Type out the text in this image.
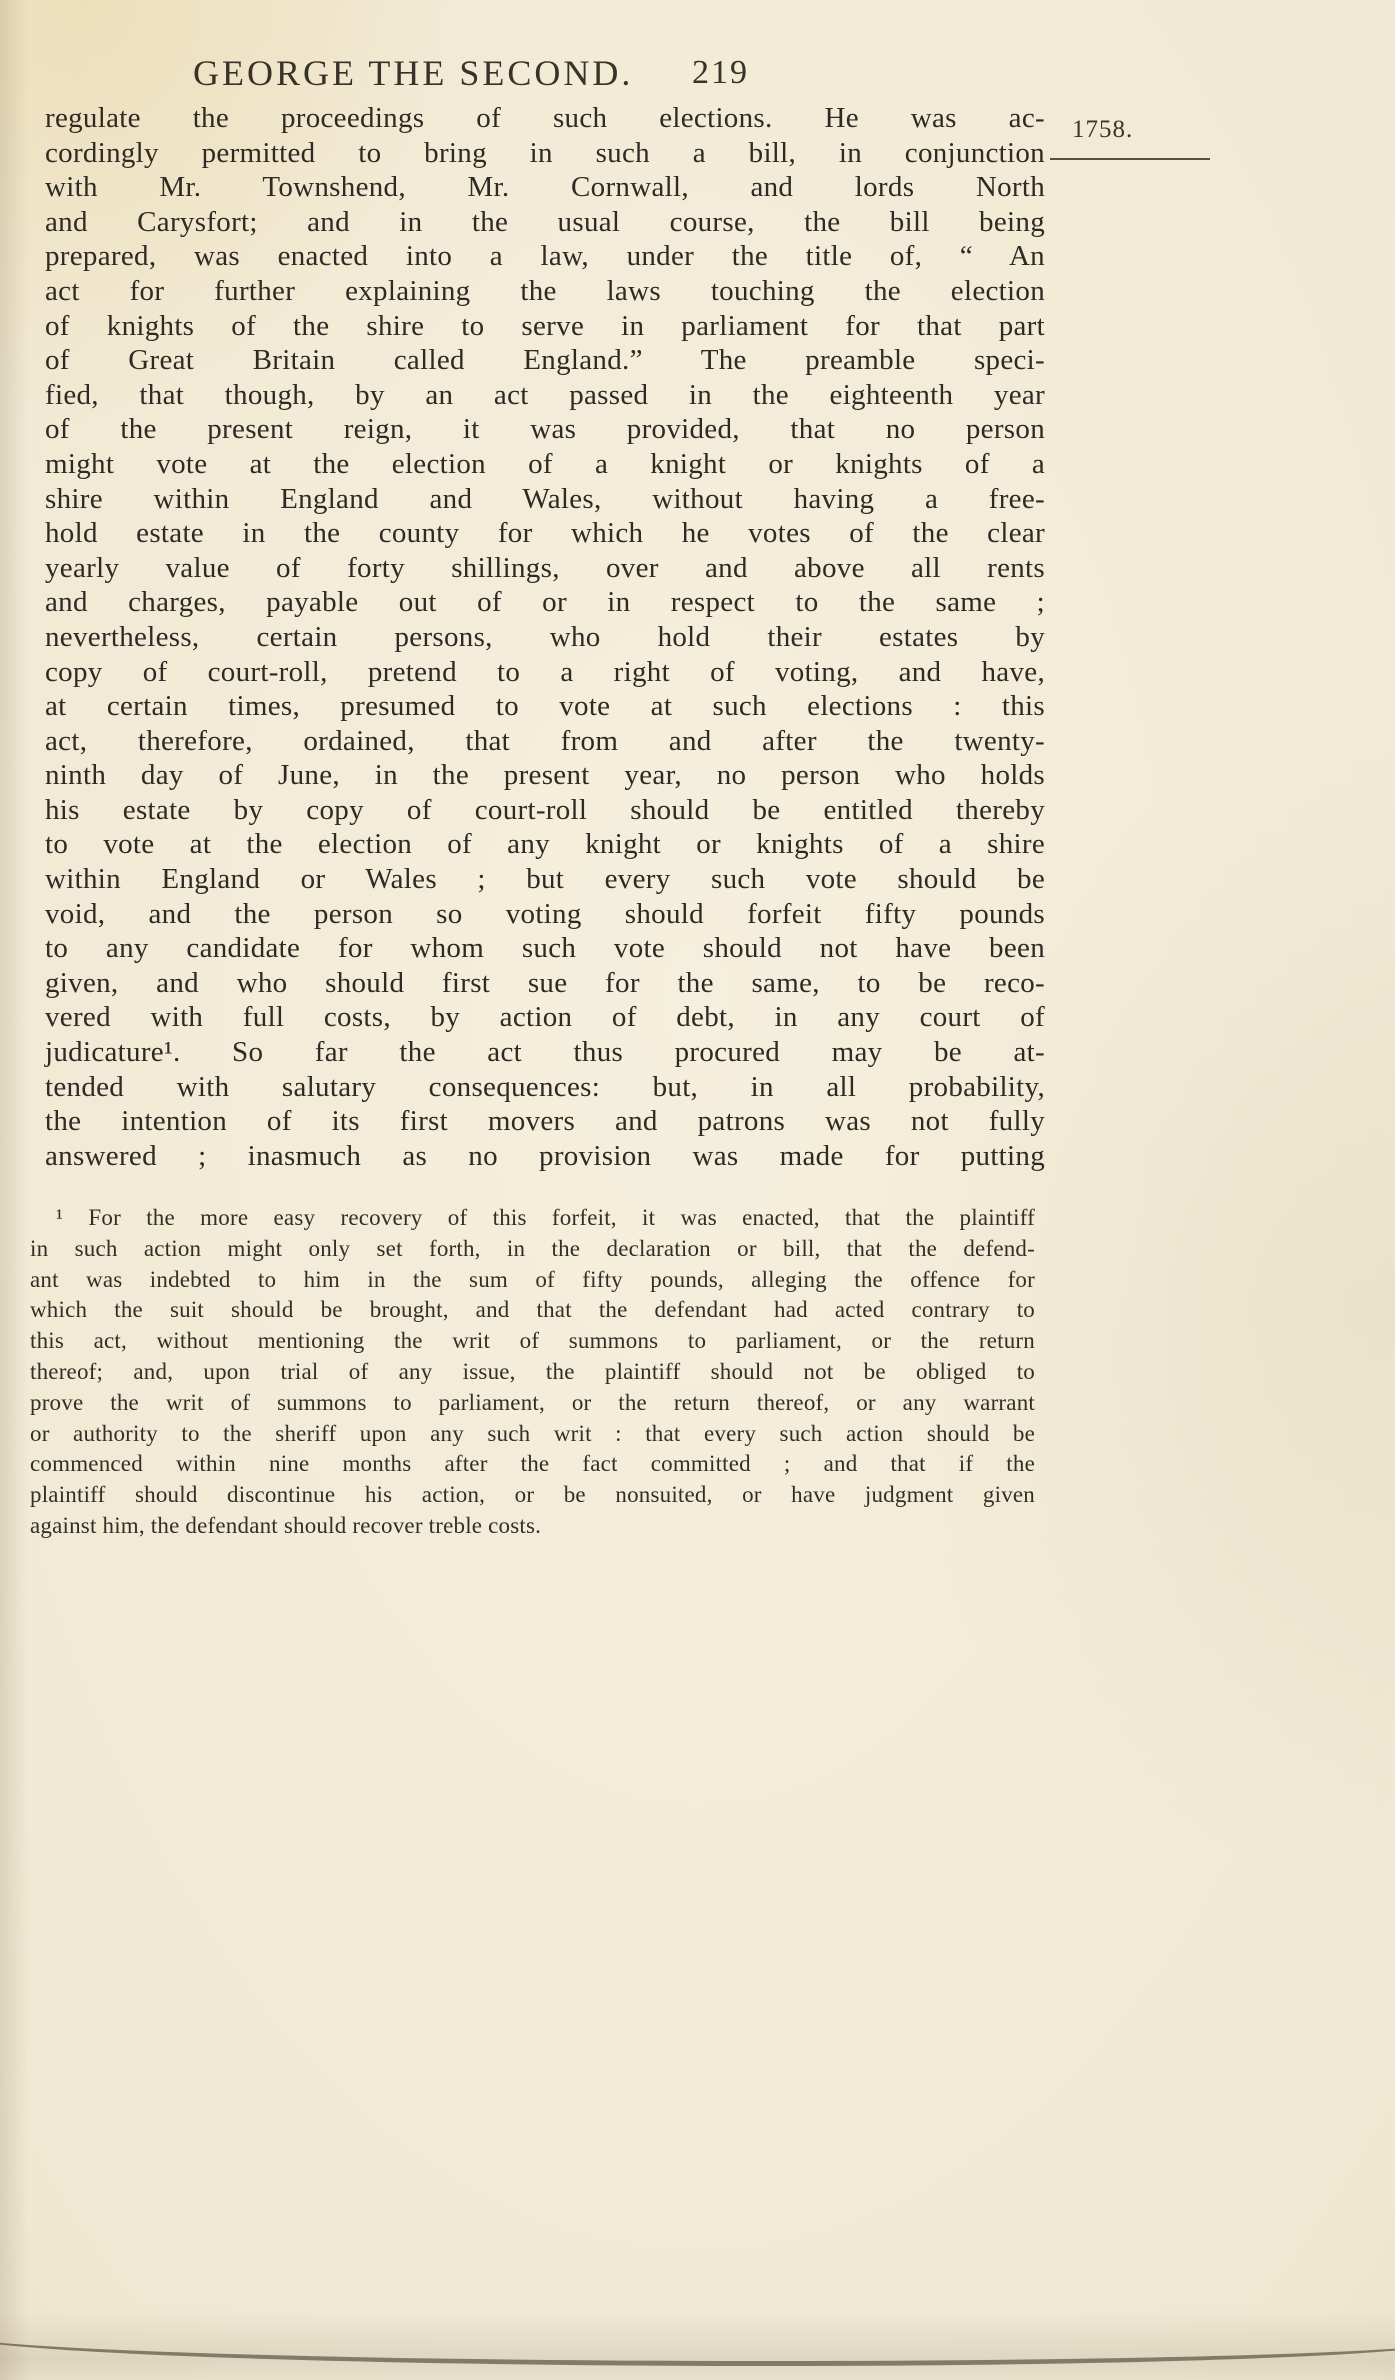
GEORGE THE SECOND. 219
1758.
regulate the proceedings of such elections. He was ac-
cordingly permitted to bring in such a bill, in conjunction
with Mr. Townshend, Mr. Cornwall, and lords North
and Carysfort; and in the usual course, the bill being
prepared, was enacted into a law, under the title of, “ An
act for further explaining the laws touching the election
of knights of the shire to serve in parliament for that part
of Great Britain called England.” The preamble speci-
fied, that though, by an act passed in the eighteenth year
of the present reign, it was provided, that no person
might vote at the election of a knight or knights of a
shire within England and Wales, without having a free-
hold estate in the county for which he votes of the clear
yearly value of forty shillings, over and above all rents
and charges, payable out of or in respect to the same ;
nevertheless, certain persons, who hold their estates by
copy of court-roll, pretend to a right of voting, and have,
at certain times, presumed to vote at such elections : this
act, therefore, ordained, that from and after the twenty-
ninth day of June, in the present year, no person who holds
his estate by copy of court-roll should be entitled thereby
to vote at the election of any knight or knights of a shire
within England or Wales ; but every such vote should be
void, and the person so voting should forfeit fifty pounds
to any candidate for whom such vote should not have been
given, and who should first sue for the same, to be reco-
vered with full costs, by action of debt, in any court of
judicature¹. So far the act thus procured may be at-
tended with salutary consequences: but, in all probability,
the intention of its first movers and patrons was not fully
answered ; inasmuch as no provision was made for putting
¹ For the more easy recovery of this forfeit, it was enacted, that the plaintiff
in such action might only set forth, in the declaration or bill, that the defend-
ant was indebted to him in the sum of fifty pounds, alleging the offence for
which the suit should be brought, and that the defendant had acted contrary to
this act, without mentioning the writ of summons to parliament, or the return
thereof; and, upon trial of any issue, the plaintiff should not be obliged to
prove the writ of summons to parliament, or the return thereof, or any warrant
or authority to the sheriff upon any such writ : that every such action should be
commenced within nine months after the fact committed ; and that if the
plaintiff should discontinue his action, or be nonsuited, or have judgment given
against him, the defendant should recover treble costs.
